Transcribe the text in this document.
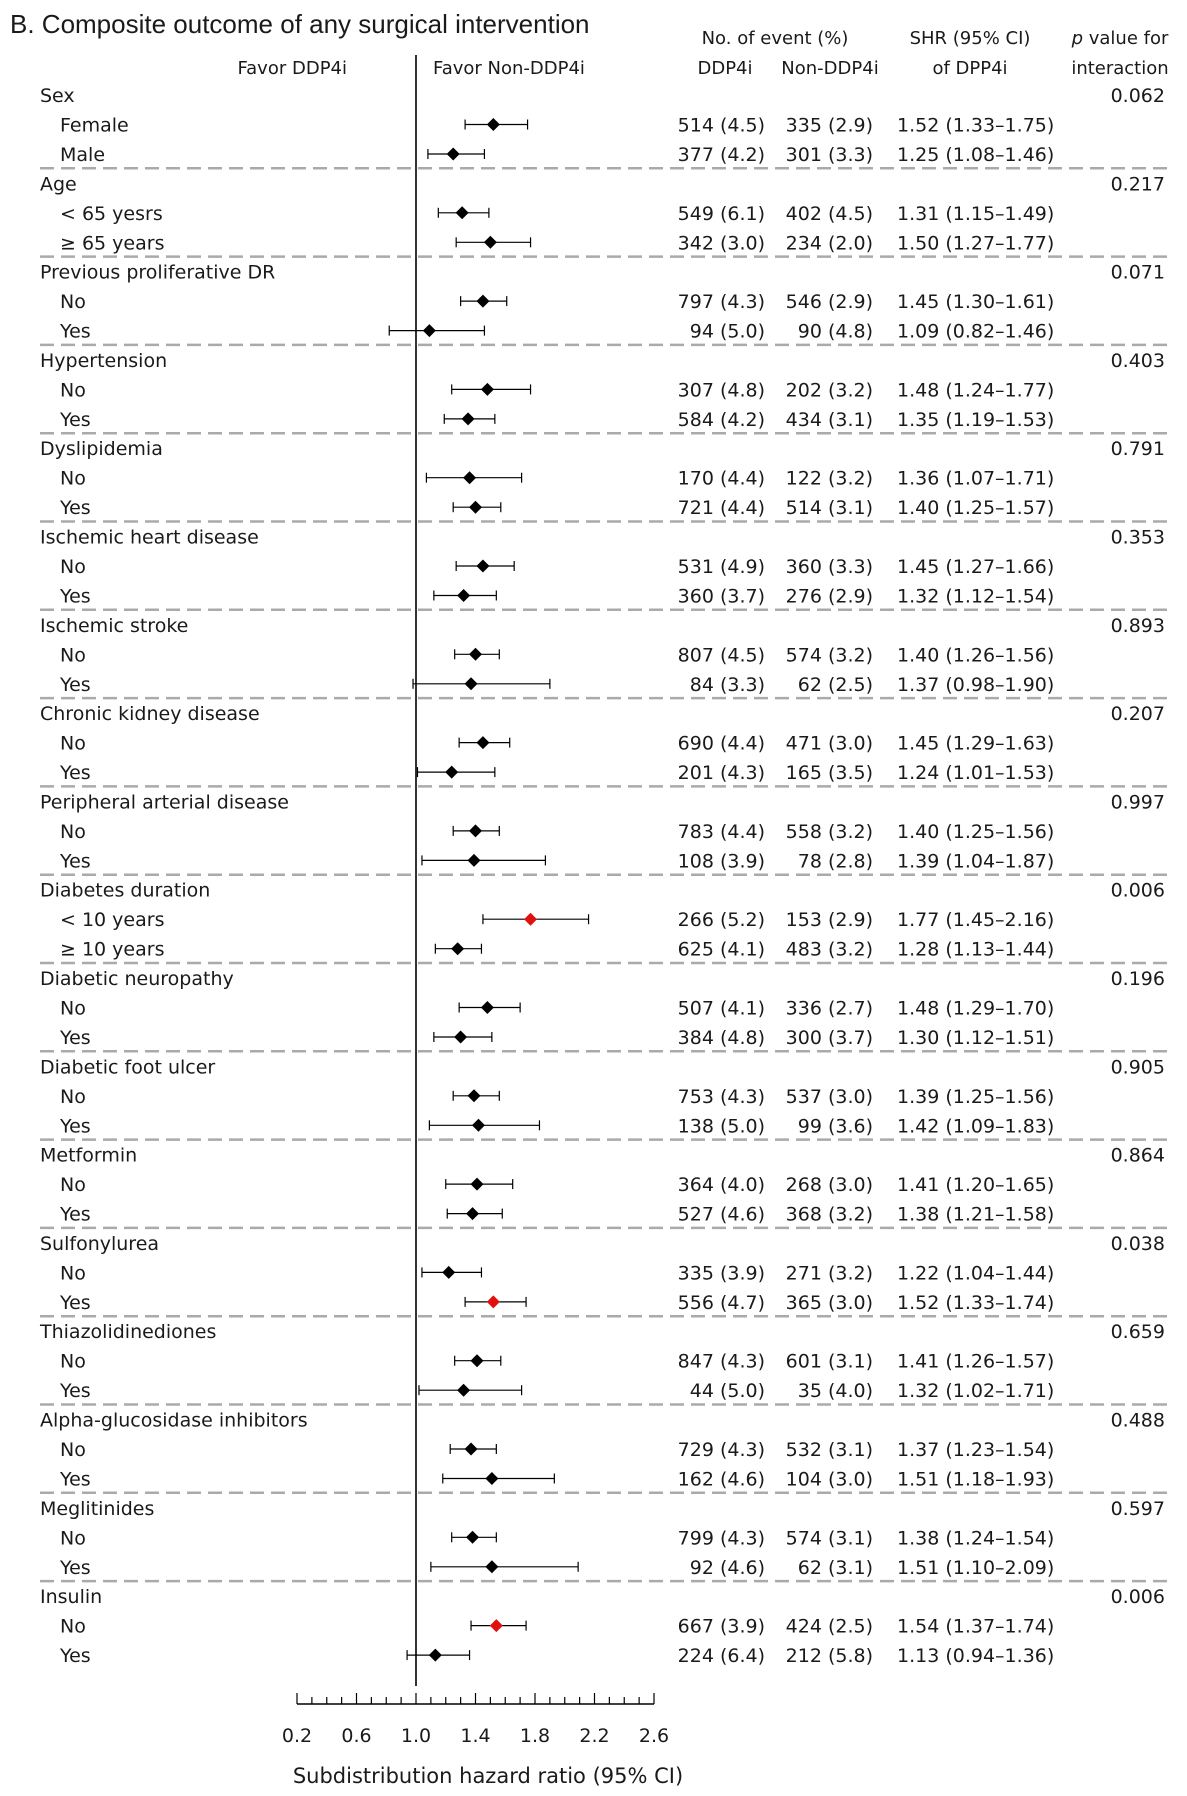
B. Composite outcome of any surgical intervention
Favor DDP4i	Favor Non-DDP4i
No. of event (%)
DDP4i Non-DDP4i
SHR (95% CI)
of DPP4i
p value for
interaction
Sex	0.062
Female	514 (4.5) 335 (2.9) 1.52 (1.33–1.75)
Male	377 (4.2) 301 (3.3) 1.25 (1.08–1.46)
Age	0.217
< 65 yesrs	549 (6.1) 402 (4.5) 1.31 (1.15–1.49)
≥ 65 years	342 (3.0) 234 (2.0) 1.50 (1.27–1.77)
Previous proliferative DR	0.071
No	797 (4.3) 546 (2.9) 1.45 (1.30–1.61)
Yes	94 (5.0) 90 (4.8) 1.09 (0.82–1.46)
Hypertension	0.403
No	307 (4.8) 202 (3.2) 1.48 (1.24–1.77)
Yes	584 (4.2) 434 (3.1) 1.35 (1.19–1.53)
Dyslipidemia	0.791
No	170 (4.4) 122 (3.2) 1.36 (1.07–1.71)
Yes	721 (4.4) 514 (3.1) 1.40 (1.25–1.57)
Ischemic heart disease	0.353
No	531 (4.9) 360 (3.3) 1.45 (1.27–1.66)
Yes	360 (3.7) 276 (2.9) 1.32 (1.12–1.54)
Ischemic stroke	0.893
No	807 (4.5) 574 (3.2) 1.40 (1.26–1.56)
Yes	84 (3.3) 62 (2.5) 1.37 (0.98–1.90)
Chronic kidney disease	0.207
No	690 (4.4) 471 (3.0) 1.45 (1.29–1.63)
Yes	201 (4.3) 165 (3.5) 1.24 (1.01–1.53)
Peripheral arterial disease	0.997
No	783 (4.4) 558 (3.2) 1.40 (1.25–1.56)
Yes	108 (3.9) 78 (2.8) 1.39 (1.04–1.87)
Diabetes duration	0.006
< 10 years	266 (5.2) 153 (2.9) 1.77 (1.45–2.16)
≥ 10 years	625 (4.1) 483 (3.2) 1.28 (1.13–1.44)
Diabetic neuropathy	0.196
No	507 (4.1) 336 (2.7) 1.48 (1.29–1.70)
Yes	384 (4.8) 300 (3.7) 1.30 (1.12–1.51)
Diabetic foot ulcer	0.905
No	753 (4.3) 537 (3.0) 1.39 (1.25–1.56)
Yes	138 (5.0) 99 (3.6) 1.42 (1.09–1.83)
Metformin	0.864
No	364 (4.0) 268 (3.0) 1.41 (1.20–1.65)
Yes	527 (4.6) 368 (3.2) 1.38 (1.21–1.58)
Sulfonylurea	0.038
No	335 (3.9) 271 (3.2) 1.22 (1.04–1.44)
Yes	556 (4.7) 365 (3.0) 1.52 (1.33–1.74)
Thiazolidinediones	0.659
No	847 (4.3) 601 (3.1) 1.41 (1.26–1.57)
Yes	44 (5.0) 35 (4.0) 1.32 (1.02–1.71)
Alpha-glucosidase inhibitors	0.488
No	729 (4.3) 532 (3.1) 1.37 (1.23–1.54)
Yes	162 (4.6) 104 (3.0) 1.51 (1.18–1.93)
Meglitinides	0.597
No	799 (4.3) 574 (3.1) 1.38 (1.24–1.54)
Yes	92 (4.6) 62 (3.1) 1.51 (1.10–2.09)
Insulin	0.006
No	667 (3.9) 424 (2.5) 1.54 (1.37–1.74)
Yes	224 (6.4) 212 (5.8) 1.13 (0.94–1.36)
0.2 0.6 1.0 1.4 1.8 2.2 2.6
Subdistribution hazard ratio (95% CI)
